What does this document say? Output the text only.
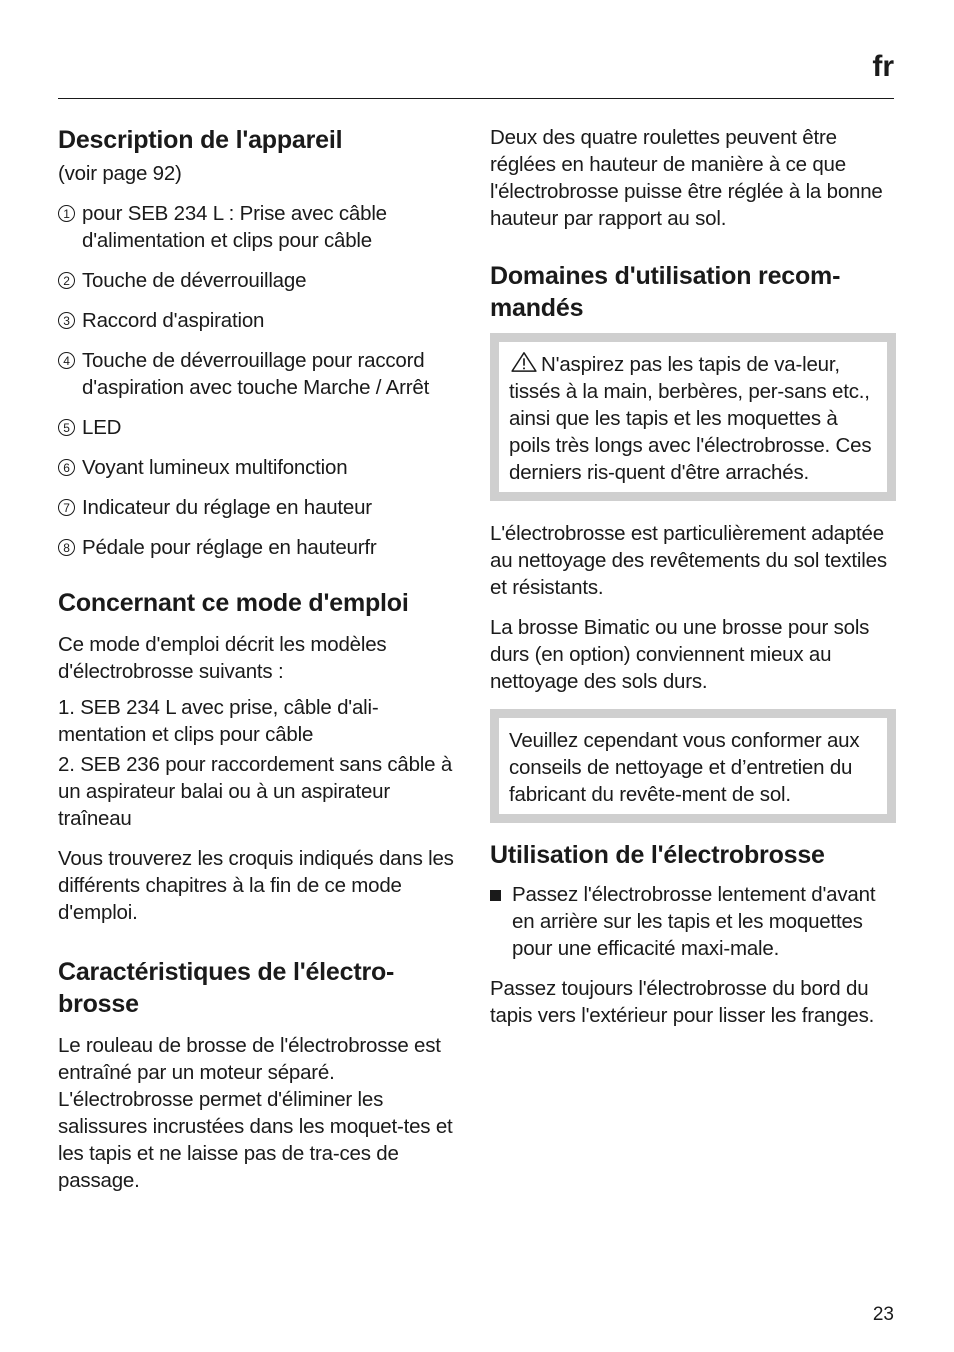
fr
Description de l'appareil

(voir page 92)

1 pour SEB 234 L : Prise avec câble d'alimentation et clips pour câble
2 Touche de déverrouillage
3 Raccord d'aspiration
4 Touche de déverrouillage pour raccord d'aspiration avec touche Marche / Arrêt
5 LED
6 Voyant lumineux multifonction
7 Indicateur du réglage en hauteur
8 Pédale pour réglage en hauteurfr
Concernant ce mode d'emploi

Ce mode d'emploi décrit les modèles d'électrobrosse suivants :

1. SEB 234 L avec prise, câble d'ali-mentation et clips pour câble

2. SEB 236 pour raccordement sans câble à un aspirateur balai ou à un aspirateur traîneau

Vous trouverez les croquis indiqués dans les différents chapitres à la fin de ce mode d'emploi.

Caractéristiques de l'électro-brosse

Le rouleau de brosse de l'électrobrosse est entraîné par un moteur séparé. L'électrobrosse permet d'éliminer les salissures incrustées dans les moquet-tes et les tapis et ne laisse pas de tra-ces de passage.

Deux des quatre roulettes peuvent être réglées en hauteur de manière à ce que l'électrobrosse puisse être réglée à la bonne hauteur par rapport au sol.

Domaines d'utilisation recom-mandés

N'aspirez pas les tapis de va-leur, tissés à la main, berbères, per-sans etc., ainsi que les tapis et les moquettes à poils très longs avec l'électrobrosse. Ces derniers ris-quent d'être arrachés.

L'électrobrosse est particulièrement adaptée au nettoyage des revêtements du sol textiles et résistants.

La brosse Bimatic ou une brosse pour sols durs (en option) conviennent mieux au nettoyage des sols durs.

Veuillez cependant vous conformer aux conseils de nettoyage et d’entretien du fabricant du revête-ment de sol.

Utilisation de l'électrobrosse

Passez l'électrobrosse lentement d'avant en arrière sur les tapis et les moquettes pour une efficacité maxi-male.

Passez toujours l'électrobrosse du bord du tapis vers l'extérieur pour lisser les franges.

23
